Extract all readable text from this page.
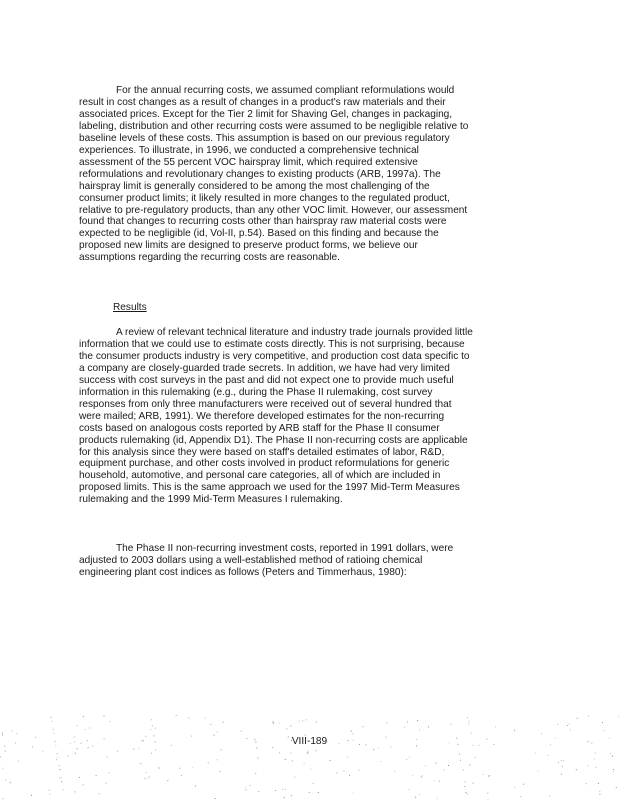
For the annual recurring costs, we assumed compliant reformulations would
result in cost changes as a result of changes in a product's raw materials and their
associated prices. Except for the Tier 2 limit for Shaving Gel, changes in packaging,
labeling, distribution and other recurring costs were assumed to be negligible relative to
baseline levels of these costs. This assumption is based on our previous regulatory
experiences. To illustrate, in 1996, we conducted a comprehensive technical
assessment of the 55 percent VOC hairspray limit, which required extensive
reformulations and revolutionary changes to existing products (ARB, 1997a). The
hairspray limit is generally considered to be among the most challenging of the
consumer product limits; it likely resulted in more changes to the regulated product,
relative to pre-regulatory products, than any other VOC limit. However, our assessment
found that changes to recurring costs other than hairspray raw material costs were
expected to be negligible (id, Vol-II, p.54). Based on this finding and because the
proposed new limits are designed to preserve product forms, we believe our
assumptions regarding the recurring costs are reasonable.

Results

A review of relevant technical literature and industry trade journals provided little
information that we could use to estimate costs directly. This is not surprising, because
the consumer products industry is very competitive, and production cost data specific to
a company are closely-guarded trade secrets. In addition, we have had very limited
success with cost surveys in the past and did not expect one to provide much useful
information in this rulemaking (e.g., during the Phase II rulemaking, cost survey
responses from only three manufacturers were received out of several hundred that
were mailed; ARB, 1991). We therefore developed estimates for the non-recurring
costs based on analogous costs reported by ARB staff for the Phase II consumer
products rulemaking (id, Appendix D1). The Phase II non-recurring costs are applicable
for this analysis since they were based on staff's detailed estimates of labor, R&D,
equipment purchase, and other costs involved in product reformulations for generic
household, automotive, and personal care categories, all of which are included in
proposed limits. This is the same approach we used for the 1997 Mid-Term Measures
rulemaking and the 1999 Mid-Term Measures I rulemaking.

The Phase II non-recurring investment costs, reported in 1991 dollars, were
adjusted to 2003 dollars using a well-established method of ratioing chemical
engineering plant cost indices as follows (Peters and Timmerhaus, 1980):

VIII-189
